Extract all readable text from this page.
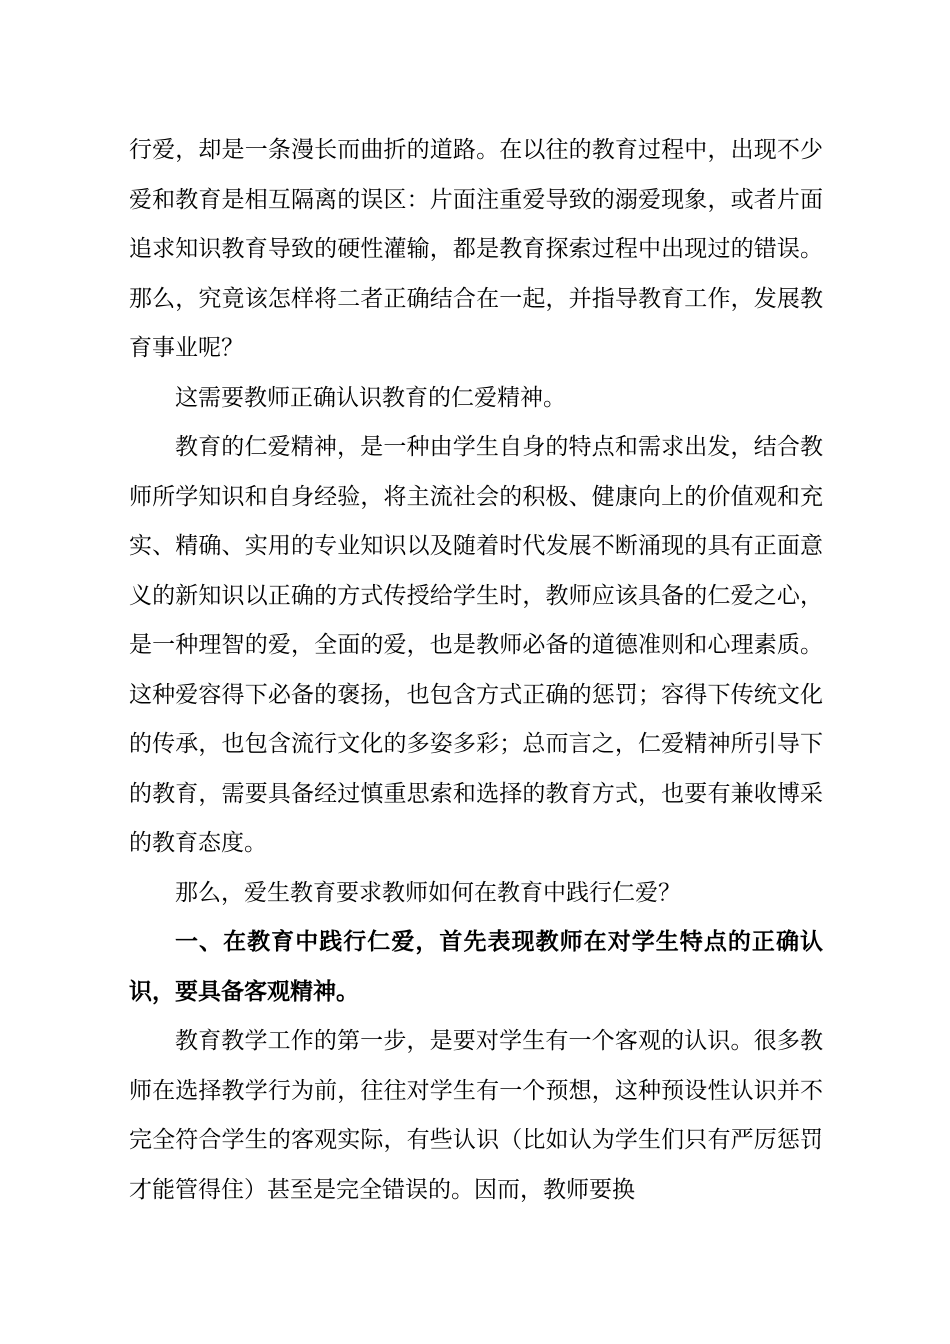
行爱，却是一条漫长而曲折的道路。在以往的教育过程中，出现不少爱和教育是相互隔离的误区：片面注重爱导致的溺爱现象，或者片面追求知识教育导致的硬性灌输，都是教育探索过程中出现过的错误。那么，究竟该怎样将二者正确结合在一起，并指导教育工作，发展教育事业呢？

这需要教师正确认识教育的仁爱精神。

教育的仁爱精神，是一种由学生自身的特点和需求出发，结合教师所学知识和自身经验，将主流社会的积极、健康向上的价值观和充实、精确、实用的专业知识以及随着时代发展不断涌现的具有正面意义的新知识以正确的方式传授给学生时，教师应该具备的仁爱之心，是一种理智的爱，全面的爱，也是教师必备的道德准则和心理素质。这种爱容得下必备的褒扬，也包含方式正确的惩罚；容得下传统文化的传承，也包含流行文化的多姿多彩；总而言之，仁爱精神所引导下的教育，需要具备经过慎重思索和选择的教育方式，也要有兼收博采的教育态度。

那么，爱生教育要求教师如何在教育中践行仁爱？

一、在教育中践行仁爱，首先表现教师在对学生特点的正确认识，要具备客观精神。

教育教学工作的第一步，是要对学生有一个客观的认识。很多教师在选择教学行为前，往往对学生有一个预想，这种预设性认识并不完全符合学生的客观实际，有些认识（比如认为学生们只有严厉惩罚才能管得住）甚至是完全错误的。因而，教师要换
